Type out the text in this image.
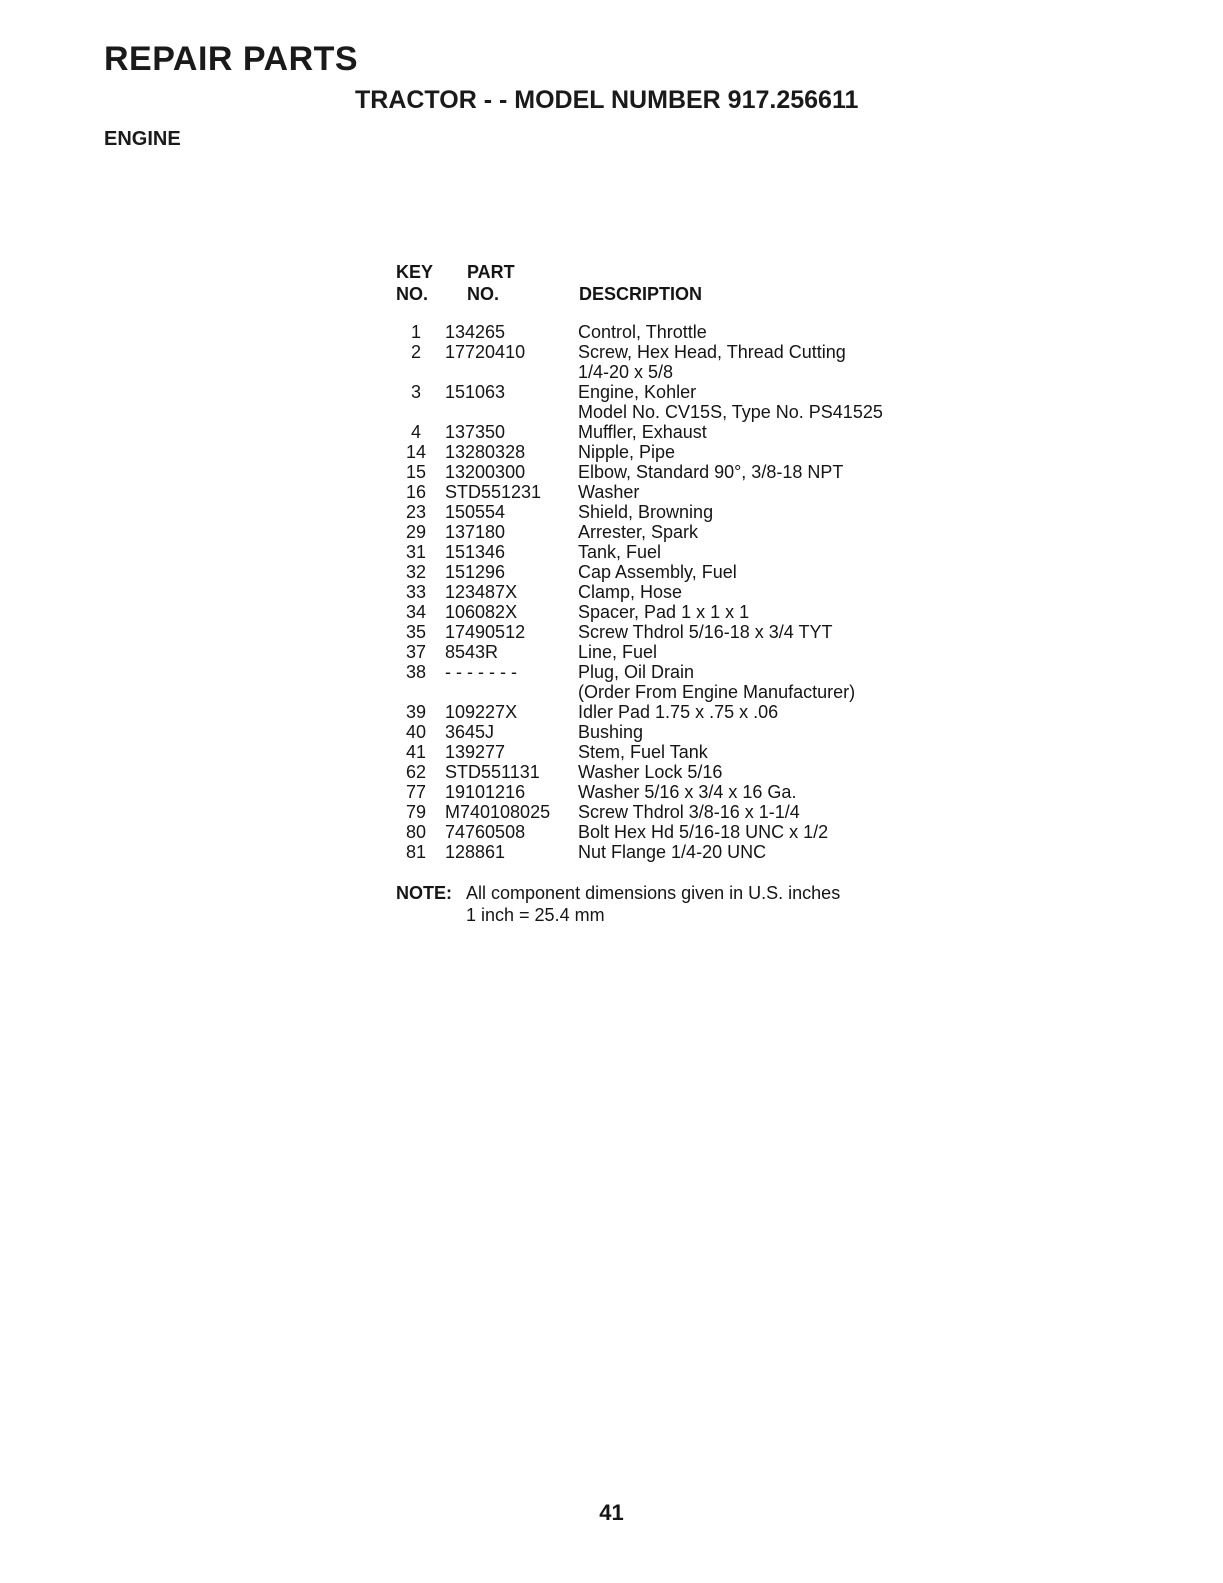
REPAIR PARTS
TRACTOR - - MODEL NUMBER 917.256611
ENGINE
KEY
NO.
PART
NO.	DESCRIPTION
1	134265	Control, Throttle
2	17720410	Screw, Hex Head, Thread Cutting
1/4-20 x 5/8
3	151063	Engine, Kohler
Model No. CV15S, Type No. PS41525
4	137350	Muffler, Exhaust
14	13280328	Nipple, Pipe
15	13200300	Elbow, Standard 90°, 3/8-18 NPT
16	STD551231	Washer
23	150554	Shield, Browning
29	137180	Arrester, Spark
31	151346	Tank, Fuel
32	151296	Cap Assembly, Fuel
33	123487X	Clamp, Hose
34	106082X	Spacer, Pad 1 x 1 x 1
35	17490512	Screw Thdrol 5/16-18 x 3/4 TYT
37	8543R	Line, Fuel
38	- - - - - - -	Plug, Oil Drain
(Order From Engine Manufacturer)
39	109227X	Idler Pad 1.75 x .75 x .06
40	3645J	Bushing
41	139277	Stem, Fuel Tank
62	STD551131	Washer Lock 5/16
77	19101216	Washer 5/16 x 3/4 x 16 Ga.
79	M740108025	Screw Thdrol 3/8-16 x 1-1/4
80	74760508	Bolt Hex Hd 5/16-18 UNC x 1/2
81	128861	Nut Flange 1/4-20 UNC
NOTE: All component dimensions given in U.S. inches
1 inch = 25.4 mm
41
